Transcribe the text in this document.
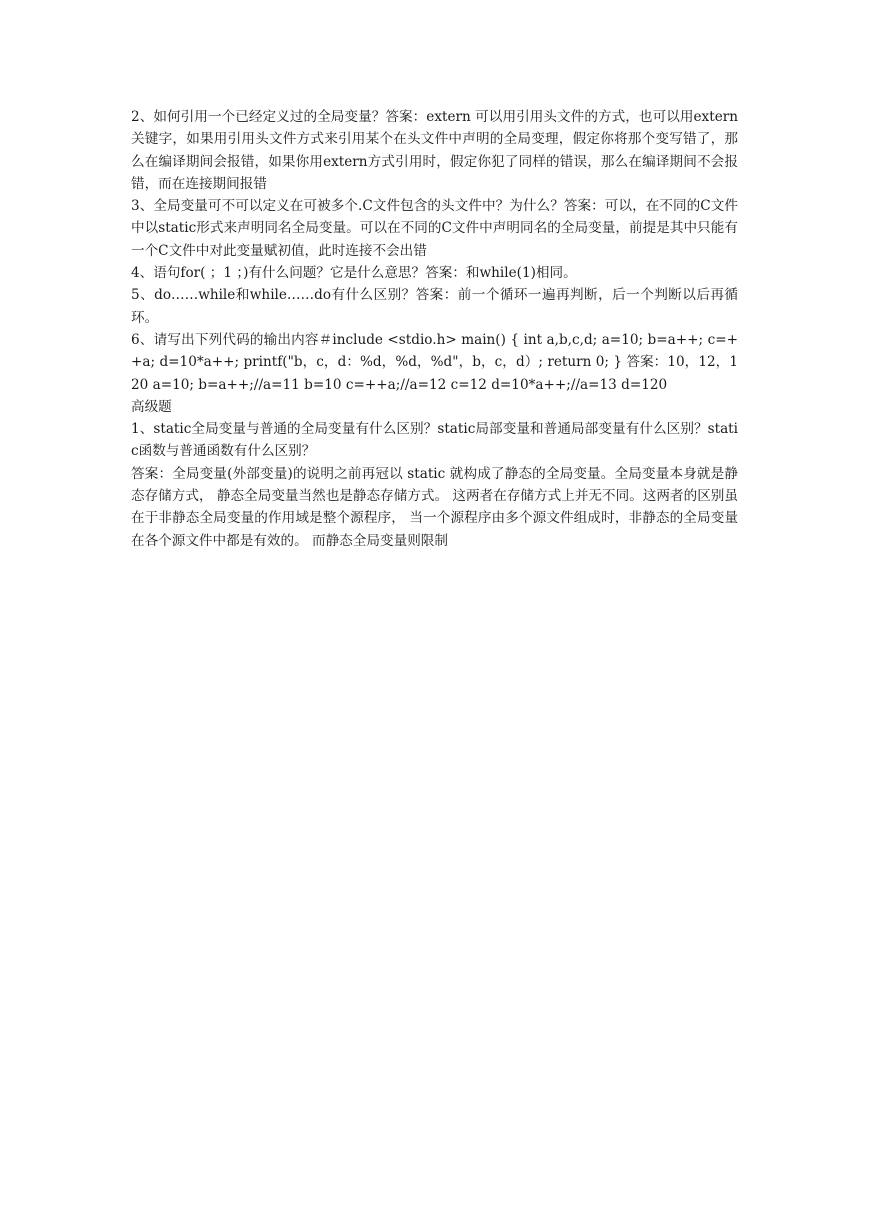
2、如何引用一个已经定义过的全局变量？答案：extern 可以用引用头文件的方式，也可以用extern关键字，如果用引用头文件方式来引用某个在头文件中声明的全局变理，假定你将那个变写错了，那么在编译期间会报错，如果你用extern方式引用时，假定你犯了同样的错误，那么在编译期间不会报错，而在连接期间报错

3、全局变量可不可以定义在可被多个.C文件包含的头文件中？为什么？答案：可以，在不同的C文件中以static形式来声明同名全局变量。可以在不同的C文件中声明同名的全局变量，前提是其中只能有一个C文件中对此变量赋初值，此时连接不会出错

4、语句for( ；1 ；)有什么问题？它是什么意思？答案：和while(1)相同。

5、do……while和while……do有什么区别？答案：前一个循环一遍再判断，后一个判断以后再循环。

6、请写出下列代码的输出内容＃include <stdio.h> main() { int a,b,c,d; a=10; b=a++; c=++a; d=10*a++; printf("b，c，d：%d，%d，%d"，b，c，d）; return 0; } 答案：10，12，120 a=10; b=a++;//a=11 b=10 c=++a;//a=12 c=12 d=10*a++;//a=13 d=120

高级题

1、static全局变量与普通的全局变量有什么区别？static局部变量和普通局部变量有什么区别？static函数与普通函数有什么区别？

答案：全局变量(外部变量)的说明之前再冠以 static 就构成了静态的全局变量。全局变量本身就是静态存储方式， 静态全局变量当然也是静态存储方式。 这两者在存储方式上并无不同。这两者的区别虽在于非静态全局变量的作用域是整个源程序， 当一个源程序由多个源文件组成时，非静态的全局变量在各个源文件中都是有效的。 而静态全局变量则限制
